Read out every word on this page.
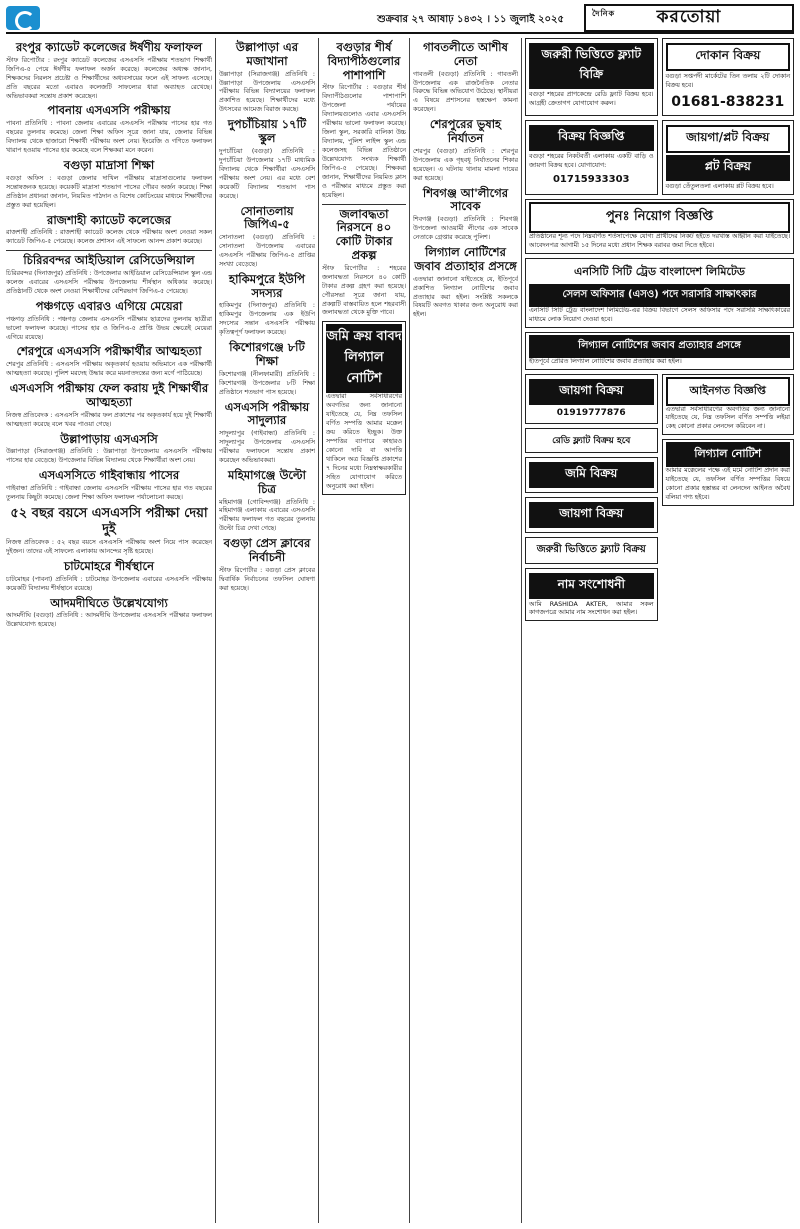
শুক্রবার ২৭ আষাঢ় ১৪৩২ । ১১ জুলাই ২০২৫
দৈনিক করতোয়া
রংপুর ক্যাডেট কলেজের ঈর্ষণীয় ফলাফল
স্টাফ রিপোর্টার : রংপুর ক্যাডেট কলেজের এসএসসি পরীক্ষায় শতভাগ শিক্ষার্থী জিপিএ-৫ পেয়ে ঈর্ষণীয় ফলাফল অর্জন করেছে। কলেজের অধ্যক্ষ জানান, শিক্ষকদের নিরলস প্রচেষ্টা ও শিক্ষার্থীদের অধ্যবসায়ের ফলে এই সাফল্য এসেছে। প্রতি বছরের মতো এবারও কলেজটি সাফল্যের ধারা অব্যাহত রেখেছে। অভিভাবকরা সন্তোষ প্রকাশ করেছেন।
পাবনায় এসএসসি পরীক্ষায়
পাবনা প্রতিনিধি : পাবনা জেলায় এবারের এসএসসি পরীক্ষায় পাসের হার গত বছরের তুলনায় কমেছে। জেলা শিক্ষা অফিস সূত্রে জানা যায়, জেলার বিভিন্ন বিদ্যালয় থেকে হাজারো শিক্ষার্থী পরীক্ষায় অংশ নেয়। ইংরেজি ও গণিতে ফলাফল খারাপ হওয়ায় পাসের হার কমেছে বলে শিক্ষকরা মনে করেন।
বগুড়া মাদ্রাসা শিক্ষা
বগুড়া অফিস : বগুড়া জেলার দাখিল পরীক্ষায় মাদ্রাসাগুলোর ফলাফল সন্তোষজনক হয়েছে। কয়েকটি মাদ্রাসা শতভাগ পাসের গৌরব অর্জন করেছে। শিক্ষা প্রতিষ্ঠান প্রধানরা জানান, নিয়মিত পাঠদান ও বিশেষ কোচিংয়ের মাধ্যমে শিক্ষার্থীদের প্রস্তুত করা হয়েছিল।
রাজশাহী ক্যাডেট কলেজের
রাজশাহী প্রতিনিধি : রাজশাহী ক্যাডেট কলেজ থেকে পরীক্ষায় অংশ নেওয়া সকল ক্যাডেট জিপিএ-৫ পেয়েছে। কলেজ প্রশাসন এই সাফল্যে আনন্দ প্রকাশ করেছে।
চিরিরবন্দর আইডিয়াল রেসিডেন্সিয়াল
চিরিরবন্দর (দিনাজপুর) প্রতিনিধি : উপজেলার আইডিয়াল রেসিডেন্সিয়াল স্কুল এন্ড কলেজ এবারের এসএসসি পরীক্ষায় উপজেলায় শীর্ষস্থান অধিকার করেছে। প্রতিষ্ঠানটি থেকে অংশ নেওয়া শিক্ষার্থীদের বেশিরভাগ জিপিএ-৫ পেয়েছে।
পঞ্চগড়ে এবারও এগিয়ে মেয়েরা
পঞ্চগড় প্রতিনিধি : পঞ্চগড় জেলায় এসএসসি পরীক্ষায় ছাত্রদের তুলনায় ছাত্রীরা ভালো ফলাফল করেছে। পাসের হার ও জিপিএ-৫ প্রাপ্তি উভয় ক্ষেত্রেই মেয়েরা এগিয়ে রয়েছে।
শেরপুরে এসএসসি পরীক্ষার্থীর আত্মহত্যা
শেরপুর প্রতিনিধি : এসএসসি পরীক্ষায় অকৃতকার্য হওয়ায় অভিমানে এক পরীক্ষার্থী আত্মহত্যা করেছে। পুলিশ মরদেহ উদ্ধার করে ময়নাতদন্তের জন্য মর্গে পাঠিয়েছে।
এসএসসি পরীক্ষায় ফেল করায় দুই শিক্ষার্থীর আত্মহত্যা
নিজস্ব প্রতিবেদক : এসএসসি পরীক্ষার ফল প্রকাশের পর অকৃতকার্য হয়ে দুই শিক্ষার্থী আত্মহত্যা করেছে বলে খবর পাওয়া গেছে।
উল্লাপাড়ায় এসএসসি
উল্লাপাড়া (সিরাজগঞ্জ) প্রতিনিধি : উল্লাপাড়া উপজেলায় এসএসসি পরীক্ষায় পাসের হার বেড়েছে। উপজেলার বিভিন্ন বিদ্যালয় থেকে শিক্ষার্থীরা অংশ নেয়।
এসএসসিতে গাইবান্ধায় পাসের
গাইবান্ধা প্রতিনিধি : গাইবান্ধা জেলায় এসএসসি পরীক্ষায় পাসের হার গত বছরের তুলনায় কিছুটা কমেছে। জেলা শিক্ষা অফিস ফলাফল পর্যালোচনা করছে।
৫২ বছর বয়সে এসএসসি পরীক্ষা দেয়া দুই
নিজস্ব প্রতিবেদক : ৫২ বছর বয়সে এসএসসি পরীক্ষায় অংশ নিয়ে পাস করেছেন দুইজন। তাদের এই সাফল্যে এলাকায় আনন্দের সৃষ্টি হয়েছে।
চাটমোহরে শীর্ষস্থানে
চাটমোহর (পাবনা) প্রতিনিধি : চাটমোহর উপজেলায় এবারের এসএসসি পরীক্ষায় কয়েকটি বিদ্যালয় শীর্ষস্থানে রয়েছে।
আদমদীঘিতে উল্লেখযোগ্য
আদমদীঘি (বগুড়া) প্রতিনিধি : আদমদীঘি উপজেলায় এসএসসি পরীক্ষার ফলাফল উল্লেখযোগ্য হয়েছে।
উল্লাপাড়া এর মজাখানা
উল্লাপাড়া (সিরাজগঞ্জ) প্রতিনিধি : উল্লাপাড়া উপজেলায় এসএসসি পরীক্ষায় বিভিন্ন বিদ্যালয়ের ফলাফল প্রকাশিত হয়েছে। শিক্ষার্থীদের মধ্যে উৎসবের আমেজ বিরাজ করছে।
দুপচাঁচিয়ায় ১৭টি স্কুল
দুপচাঁচিয়া (বগুড়া) প্রতিনিধি : দুপচাঁচিয়া উপজেলার ১৭টি মাধ্যমিক বিদ্যালয় থেকে শিক্ষার্থীরা এসএসসি পরীক্ষায় অংশ নেয়। এর মধ্যে বেশ কয়েকটি বিদ্যালয় শতভাগ পাস করেছে।
সোনাতলায় জিপিএ-৫
সোনাতলা (বগুড়া) প্রতিনিধি : সোনাতলা উপজেলায় এবারের এসএসসি পরীক্ষায় জিপিএ-৫ প্রাপ্তির সংখ্যা বেড়েছে।
হাকিমপুরে ইউপি সদস্যর
হাকিমপুর (দিনাজপুর) প্রতিনিধি : হাকিমপুর উপজেলায় এক ইউপি সদস্যের সন্তান এসএসসি পরীক্ষায় কৃতিত্বপূর্ণ ফলাফল করেছে।
কিশোরগঞ্জে ৮টি শিক্ষা
কিশোরগঞ্জ (নীলফামারী) প্রতিনিধি : কিশোরগঞ্জ উপজেলার ৮টি শিক্ষা প্রতিষ্ঠানে শতভাগ পাস হয়েছে।
এসএসসি পরীক্ষায় সাদুল্যার
সাদুল্যাপুর (গাইবান্ধা) প্রতিনিধি : সাদুল্যাপুর উপজেলায় এসএসসি পরীক্ষার ফলাফলে সন্তোষ প্রকাশ করেছেন অভিভাবকরা।
মহিমাগঞ্জে উল্টো চিত্র
মহিমাগঞ্জ (গোবিন্দগঞ্জ) প্রতিনিধি : মহিমাগঞ্জ এলাকায় এবারের এসএসসি পরীক্ষায় ফলাফল গত বছরের তুলনায় উল্টো চিত্র দেখা গেছে।
বগুড়া প্রেস ক্লাবের নির্বাচনী
স্টাফ রিপোর্টার : বগুড়া প্রেস ক্লাবের দ্বিবার্ষিক নির্বাচনের তফসিল ঘোষণা করা হয়েছে।
বগুড়ার শীর্ষ বিদ্যাপীঠগুলোর পাশাপাশি
স্টাফ রিপোর্টার : বগুড়ার শীর্ষ বিদ্যাপীঠগুলোর পাশাপাশি উপজেলা পর্যায়ের বিদ্যালয়গুলোও এবার এসএসসি পরীক্ষায় ভালো ফলাফল করেছে। জিলা স্কুল, সরকারি বালিকা উচ্চ বিদ্যালয়, পুলিশ লাইন্স স্কুল এন্ড কলেজসহ বিভিন্ন প্রতিষ্ঠানে উল্লেখযোগ্য সংখ্যক শিক্ষার্থী জিপিএ-৫ পেয়েছে। শিক্ষকরা জানান, শিক্ষার্থীদের নিয়মিত ক্লাস ও পরীক্ষার মাধ্যমে প্রস্তুত করা হয়েছিল।
জলাবদ্ধতা নিরসনে ৪০ কোটি টাকার প্রকল্প
স্টাফ রিপোর্টার : শহরের জলাবদ্ধতা নিরসনে ৪০ কোটি টাকার প্রকল্প গ্রহণ করা হয়েছে। পৌরসভা সূত্রে জানা যায়, প্রকল্পটি বাস্তবায়িত হলে শহরবাসী জলাবদ্ধতা থেকে মুক্তি পাবে।
জমি ক্রয় বাবদ লিগ্যাল নোটিশ
এতদ্বারা সর্বসাধারণের অবগতির জন্য জানানো যাইতেছে যে, নিম্ন তফসিল বর্ণিত সম্পত্তি আমার মক্কেল ক্রয় করিতে ইচ্ছুক। উক্ত সম্পত্তির ব্যাপারে কাহারও কোনো দাবি বা আপত্তি থাকিলে অত্র বিজ্ঞপ্তি প্রকাশের ৭ দিনের মধ্যে নিম্নস্বাক্ষরকারীর সহিত যোগাযোগ করিতে অনুরোধ করা হইল।
গাবতলীতে আশীষ নেতা
গাবতলী (বগুড়া) প্রতিনিধি : গাবতলী উপজেলায় এক রাজনৈতিক নেতার বিরুদ্ধে বিভিন্ন অভিযোগ উঠেছে। স্থানীয়রা এ বিষয়ে প্রশাসনের হস্তক্ষেপ কামনা করেছেন।
শেরপুরের ভুষাহ নির্যাতন
শেরপুর (বগুড়া) প্রতিনিধি : শেরপুর উপজেলায় এক গৃহবধূ নির্যাতনের শিকার হয়েছেন। এ ঘটনায় থানায় মামলা দায়ের করা হয়েছে।
শিবগঞ্জ আ'লীগের সাবেক
শিবগঞ্জ (বগুড়া) প্রতিনিধি : শিবগঞ্জ উপজেলা আওয়ামী লীগের এক সাবেক নেতাকে গ্রেপ্তার করেছে পুলিশ।
লিগ্যাল নোটিশের জবাব প্রত্যাহার প্রসঙ্গে
এতদ্বারা জানানো যাইতেছে যে, ইতিপূর্বে প্রকাশিত লিগ্যাল নোটিশের জবাব প্রত্যাহার করা হইল। সংশ্লিষ্ট সকলকে বিষয়টি অবগত থাকার জন্য অনুরোধ করা হইল।
জরুরী ভিত্তিতে ফ্ল্যাট বিক্রি
বগুড়া শহরের প্রাণকেন্দ্রে রেডি ফ্ল্যাট বিক্রয় হবে। আগ্রহী ক্রেতাগণ যোগাযোগ করুন।
দোকান বিক্রয়
বগুড়া সপ্তপদী মার্কেটের তিন তলায় ২টি দোকান বিক্রয় হবে।
01681-838231
বিক্রয় বিজ্ঞপ্তি
বগুড়া শহরের নিকটবর্তী এলাকায় একটি বাড়ি ও জায়গা বিক্রয় হবে। যোগাযোগ:
01715933303
জায়গা/প্লট বিক্রয়
প্লট বিক্রয়
বগুড়া তেঁতুলতলা এলাকায় প্লট বিক্রয় হবে।
পুনঃ নিয়োগ বিজ্ঞপ্তি
প্রতিষ্ঠানের শূন্য পদে নিম্নবর্ণিত শর্তসাপেক্ষে যোগ্য প্রার্থীদের নিকট হইতে দরখাস্ত আহ্বান করা যাইতেছে। আবেদনপত্র আগামী ১৫ দিনের মধ্যে প্রধান শিক্ষক বরাবর জমা দিতে হইবে।
এনসিটি সিটি ট্রেড বাংলাদেশ লিমিটেড
সেলস অফিসার (এসও) পদে সরাসরি সাক্ষাৎকার
এনসিটি সিটি ট্রেড বাংলাদেশ লিমিটেড-এর বিক্রয় বিভাগে সেলস অফিসার পদে সরাসরি সাক্ষাৎকারের মাধ্যমে লোক নিয়োগ দেওয়া হবে।
লিগ্যাল নোটিশের জবাব প্রত্যাহার প্রসঙ্গে
ইতিপূর্বে প্রেরিত লিগ্যাল নোটিশের জবাব প্রত্যাহার করা হইল।
জায়গা বিক্রয়
01919777876
রেডি ফ্ল্যাট বিক্রয় হবে
জমি বিক্রয়
জায়গা বিক্রয়
জরুরী ভিত্তিতে ফ্ল্যাট বিক্রয়
নাম সংশোধনী
আমি RASHIDA AKTER, আমার সকল কাগজপত্রে আমার নাম সংশোধন করা হইল।
আইনগত বিজ্ঞপ্তি
এতদ্বারা সর্বসাধারণের অবগতির জন্য জানানো যাইতেছে যে, নিম্ন তফসিল বর্ণিত সম্পত্তি লইয়া কেহ কোনো প্রকার লেনদেন করিবেন না।
লিগ্যাল নোটিশ
আমার মক্কেলের পক্ষে এই মর্মে নোটিশ প্রদান করা যাইতেছে যে, তফসিল বর্ণিত সম্পত্তির বিষয়ে কোনো প্রকার হস্তান্তর বা লেনদেন আইনত অবৈধ বলিয়া গণ্য হইবে।
